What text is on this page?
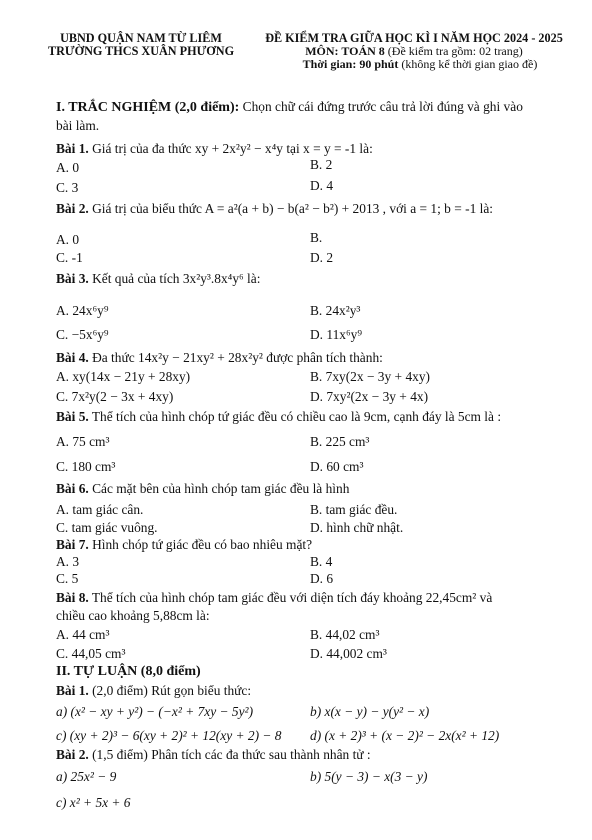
UBND QUẬN NAM TỪ LIÊM
TRƯỜNG THCS XUÂN PHƯƠNG
ĐỀ KIỂM TRA GIỮA HỌC KÌ I NĂM HỌC 2024 - 2025
MÔN: TOÁN 8 (Đề kiểm tra gồm: 02 trang)
Thời gian: 90 phút (không kể thời gian giao đề)
I. TRẮC NGHIỆM (2,0 điểm): Chọn chữ cái đứng trước câu trả lời đúng và ghi vào
bài làm.
Bài 1. Giá trị của đa thức xy + 2x²y² − x⁴y tại x = y = -1 là:
A. 0	B. 2
C. 3	D. 4
Bài 2. Giá trị của biểu thức A = a²(a + b) − b(a² − b²) + 2013 , với a = 1; b = -1 là:
A. 0	B.
C. -1	D. 2
Bài 3. Kết quả của tích 3x²y³.8x⁴y⁶ là:
A. 24x⁶y⁹	B. 24x²y³
C. −5x⁶y⁹	D. 11x⁶y⁹
Bài 4. Đa thức 14x²y − 21xy² + 28x²y² được phân tích thành:
A. xy(14x − 21y + 28xy)	B. 7xy(2x − 3y + 4xy)
C. 7x²y(2 − 3x + 4xy)	D. 7xy²(2x − 3y + 4x)
Bài 5. Thể tích của hình chóp tứ giác đều có chiều cao là 9cm, cạnh đáy là 5cm là :
A. 75 cm³	B. 225 cm³
C. 180 cm³	D. 60 cm³
Bài 6. Các mặt bên của hình chóp tam giác đều là hình
A. tam giác cân.	B. tam giác đều.
C. tam giác vuông.	D. hình chữ nhật.
Bài 7. Hình chóp tứ giác đều có bao nhiêu mặt?
A. 3	B. 4
C. 5	D. 6
Bài 8. Thể tích của hình chóp tam giác đều với diện tích đáy khoảng 22,45cm² và
chiều cao khoảng 5,88cm là:
A. 44 cm³	B. 44,02 cm³
C. 44,05 cm³	D. 44,002 cm³
II. TỰ LUẬN (8,0 điểm)
Bài 1. (2,0 điểm) Rút gọn biểu thức:
a) (x² − xy + y²) − (−x² + 7xy − 5y²)	b) x(x − y) − y(y² − x)
c) (xy + 2)³ − 6(xy + 2)² + 12(xy + 2) − 8 d) (x + 2)³ + (x − 2)² − 2x(x² + 12)
Bài 2. (1,5 điểm) Phân tích các đa thức sau thành nhân tử :
a) 25x² − 9	b) 5(y − 3) − x(3 − y)
c) x² + 5x + 6
